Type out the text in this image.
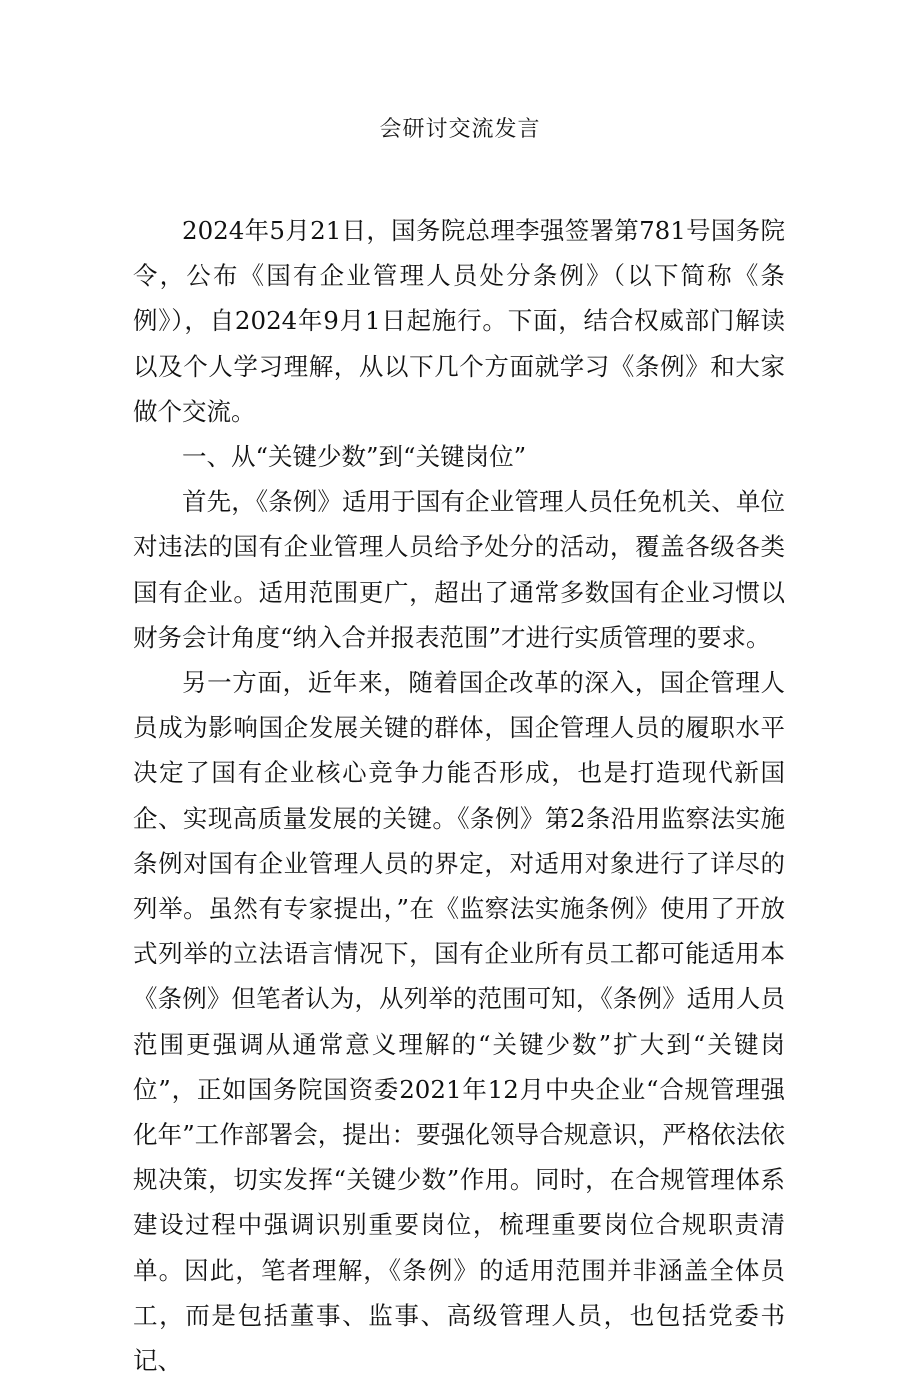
会研讨交流发言

2024年5月21日，国务院总理李强签署第781号国务院令，公布《国有企业管理人员处分条例》（以下简称《条例》），自2024年9月1日起施行。下面，结合权威部门解读以及个人学习理解，从以下几个方面就学习《条例》和大家做个交流。

一、从“关键少数”到“关键岗位”

首先，《条例》适用于国有企业管理人员任免机关、单位对违法的国有企业管理人员给予处分的活动，覆盖各级各类国有企业。适用范围更广，超出了通常多数国有企业习惯以财务会计角度“纳入合并报表范围”才进行实质管理的要求。

另一方面，近年来，随着国企改革的深入，国企管理人员成为影响国企发展关键的群体，国企管理人员的履职水平决定了国有企业核心竞争力能否形成，也是打造现代新国企、实现高质量发展的关键。《条例》第2条沿用监察法实施条例对国有企业管理人员的界定，对适用对象进行了详尽的列举。虽然有专家提出，”在《监察法实施条例》使用了开放式列举的立法语言情况下，国有企业所有员工都可能适用本《条例》但笔者认为，从列举的范围可知，《条例》适用人员范围更强调从通常意义理解的“关键少数”扩大到“关键岗位”，正如国务院国资委2021年12月中央企业“合规管理强化年”工作部署会，提出：要强化领导合规意识，严格依法依规决策，切实发挥“关键少数”作用。同时，在合规管理体系建设过程中强调识别重要岗位，梳理重要岗位合规职责清单。因此，笔者理解，《条例》的适用范围并非涵盖全体员工，而是包括董事、监事、高级管理人员，也包括党委书记、
